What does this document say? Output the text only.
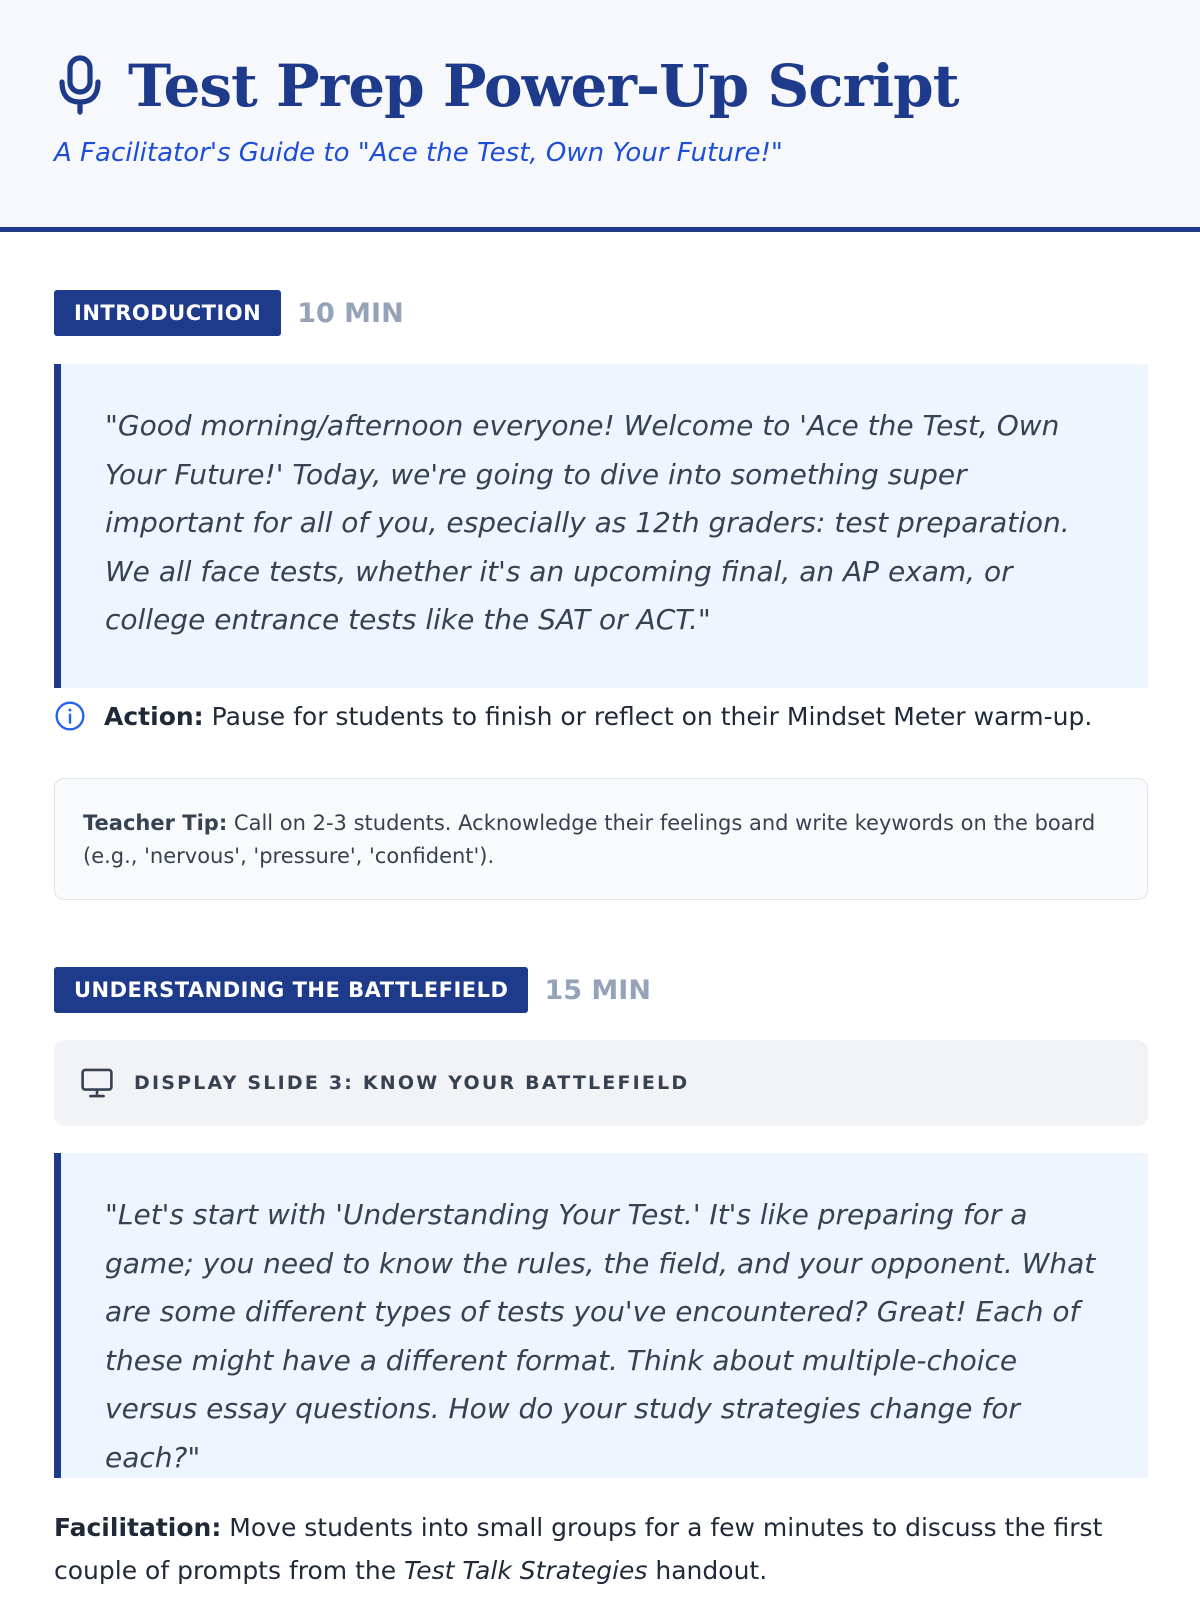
Test Prep Power-Up Script
A Facilitator's Guide to "Ace the Test, Own Your Future!"
INTRODUCTION	10 MIN
"Good morning/afternoon everyone! Welcome to 'Ace the Test, Own Your Future!' Today, we're going to dive into something super important for all of you, especially as 12th graders: test preparation. We all face tests, whether it's an upcoming final, an AP exam, or college entrance tests like the SAT or ACT."
Action:
Pause for students to finish or reflect on their Mindset Meter warm-up.
Teacher Tip: Call on 2-3 students. Acknowledge their feelings and write keywords on the board (e.g., 'nervous', 'pressure', 'confident').
UNDERSTANDING THE BATTLEFIELD	15 MIN
DISPLAY SLIDE 3: KNOW YOUR BATTLEFIELD
"Let's start with 'Understanding Your Test.' It's like preparing for a game; you need to know the rules, the field, and your opponent. What are some different types of tests you've encountered? Great! Each of these might have a different format. Think about multiple-choice versus essay questions. How do your study strategies change for each?"
Facilitation: Move students into small groups for a few minutes to discuss the first couple of prompts from the Test Talk Strategies handout.
